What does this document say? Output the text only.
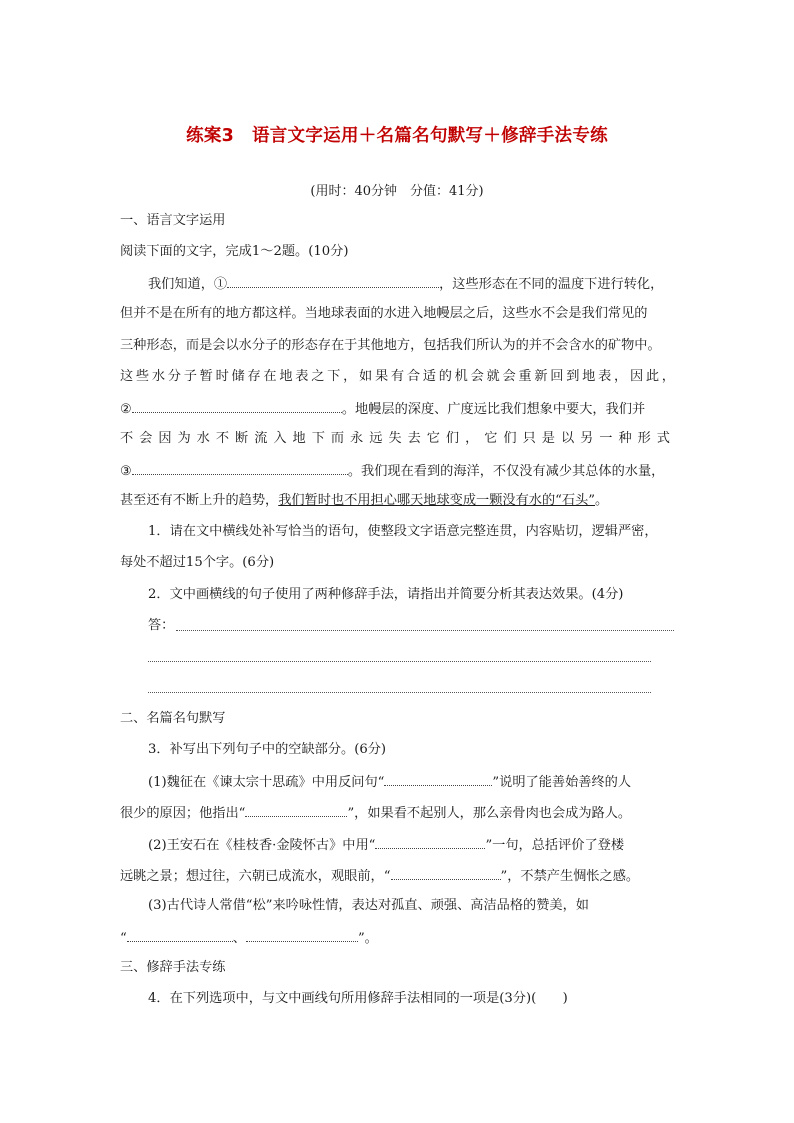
练案3　语言文字运用＋名篇名句默写＋修辞手法专练
(用时：40分钟　分值：41分)
一、语言文字运用
阅读下面的文字，完成1～2题。(10分)
我们知道，①	，这些形态在不同的温度下进行转化，
但并不是在所有的地方都这样。当地球表面的水进入地幔层之后，这些水不会是我们常见的
三种形态，而是会以水分子的形态存在于其他地方，包括我们所认为的并不会含水的矿物中。
这些水分子暂时储存在地表之下，如果有合适的机会就会重新回到地表，因此，
②	。地幔层的深度、广度远比我们想象中要大，我们并
不会因为水不断流入地下而永远失去它们，它们只是以另一种形式
③	。我们现在看到的海洋，不仅没有减少其总体的水量，
甚至还有不断上升的趋势，我们暂时也不用担心哪天地球变成一颗没有水的“石头”。
1．请在文中横线处补写恰当的语句，使整段文字语意完整连贯，内容贴切，逻辑严密，
每处不超过15个字。(6分)
2．文中画横线的句子使用了两种修辞手法，请指出并简要分析其表达效果。(4分)
答：
二、名篇名句默写
3．补写出下列句子中的空缺部分。(6分)
(1)魏征在《谏太宗十思疏》中用反问句“	”说明了能善始善终的人
很少的原因；他指出“	”，如果看不起别人，那么亲骨肉也会成为路人。
(2)王安石在《桂枝香·金陵怀古》中用“	”一句，总括评价了登楼
远眺之景；想过往，六朝已成流水，观眼前，“	”，不禁产生惆怅之感。
(3)古代诗人常借“松”来吟咏性情，表达对孤直、顽强、高洁品格的赞美，如
“	、	”。
三、修辞手法专练
4．在下列选项中，与文中画线句所用修辞手法相同的一项是(3分)(　　)
